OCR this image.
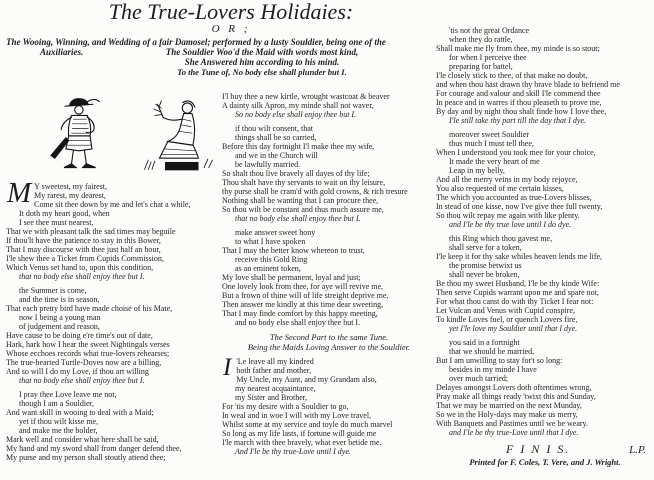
The True-Lovers Holidaies:
O R ;
The Wooing, Winning, and Wedding of a fair Damosel; performed by a lusty Souldier, being one of the
Auxiliaries.	The Souldier Woo'd the Maid with words most kind,
She Answered him according to his mind.
To the Tune of, No body else shall plunder but I.
M Y sweetest, my fairest,
My rarest, my dearest,
Come sit thee down by me and let's chat a while,
It doth my heart good, when
I see thee must nearest,
That we with pleasant talk the sad times may beguile
If thou'lt have the patience to stay in this Bower,
That I may discourse with thee just half an hour,
I'le shew thee a Ticket from Cupids Commission,
Which Venus set hand to, upon this condition,
that no body else shall enjoy thee but I.
the Summer is come,
and the time is in season,
That each pretty bird have made choise of his Mate,
now I being a young man
of judgement and reason,
Have cause to be doing e're time's out of date,
Hark, hark how I hear the sweet Nightingals verses
Whose ecchoes records what true-lovers rehearses;
The true-hearted Turtle-Doves now are a billing,
And so will I do my Love, if thou art willing
that no body else shall enjoy thee but I.
I pray thee Love leave me not,
though I am a Souldier,
And want skill in wooing to deal with a Maid;
yet if thou wilt kisse me,
and make me the bolder,
Mark well and consider what here shall be said,
My hand and my sword shall from danger defend thee,
My purse and my person shall stoutly attend thee;
I'l buy thee a new kirtle, wrought wastcoat & beaver
A dainty silk Apron, my minde shall not waver,
So no body else shall enjoy thee but I.
if thou wilt consent, that
things shall be so carried,
Before this day fortnight I'l make thee my wife,
and we in the Church will
be lawfully married.
So shalt thou live bravely all dayes of thy life;
Thou shalt have thy servants to wait on thy leisure,
thy purse shall be cram'd with gold crowns, & rich tresure
Nothing shall be wanting that I can procure thee,
So thou wilt be constant and thus much assure me,
that no body else shall enjoy thee but I.
make answer sweet hony
to what I have spoken
That I may the better know whereon to trust,
receive this Gold Ring
as an eminent token,
My love shall be permanent, loyal and just;
One lovely look from thee, for aye will revive me,
But a frown of thine will of life streight deprive me,
Then answer me kindly at this time dear sweeting,
That I may finde comfort by this happy meeting,
and no body else shall enjoy thee but I.
The Second Part to the same Tune.
Being the Maids Loving Answer to the Souldier.
I 'Le leave all my kindred
both father and mother,
My Uncle, my Aunt, and my Grandam also,
my nearest acquaintance,
my Sister and Brother,
For 'tis my desire with a Souldier to go,
In weal and in woe I will with my Love travel,
Whilst some at my service and toyle do much marvel
So long as my life lasts, if fortune will guide me
I'le march with thee bravely, what ever betide me.
And I'le be thy true-Love until I dye.
'tis not the great Ordance
when they do rattle,
Shall make me fly from thee, my minde is so stout;
for when I perceive thee
preparing for battel,
I'le closely stick to thee, of that make no doubt,
and when thou hast drawn thy brave blade to befriend me
For courage and valour and skill I'le commend thee
In peace and in warres if thou pleaseth to prove me,
By day and by night thou shalt finde how I love thee,
I'le still take thy part till the day that I dye.
moreover sweet Souldier
thus much I must tell thee,
When I understood you took mee for your choice,
It made the very heart of me
Leap in my belly,
And all the merry veins in my body rejoyce,
You also requested of me certain kisses,
The which you accounted as true-Lovers blisses,
In stead of one kisse, now I've give thee full twenty,
So thou wilt repay me again with like plenty.
and I'le be thy true love until I do dye.
this Ring which thou gavest me,
shall serve for a token,
I'le keep it for thy sake whiles heaven lends me life,
the promise betwixt us
shall never be broken,
Be thou my sweet Husband, I'le be thy kinde Wife:
Then serve Cupids warrant upon me and spare not,
For what thou canst do with thy Ticket I fear not:
Let Vulcan and Venus with Cupid conspire,
To kindle Loves fuel, or quench Lovers fire,
yet I'le love my Souldier until that I dye.
you said in a fortnight
that we should be married,
But I am unwilling to stay for't so long:
besides in my minde I have
over much tarried;
Delayes amongst Lovers doth oftentimes wrong,
Pray make all things ready 'twixt this and Sunday,
That we may be married on the next Munday,
So we in the Holy-days may make us merry,
With Banquets and Pastimes until we be weary.
and I'le be thy true-Love until that I dye.
F I N I S.	L.P.
Printed for F. Coles, T. Vere, and J. Wright.
